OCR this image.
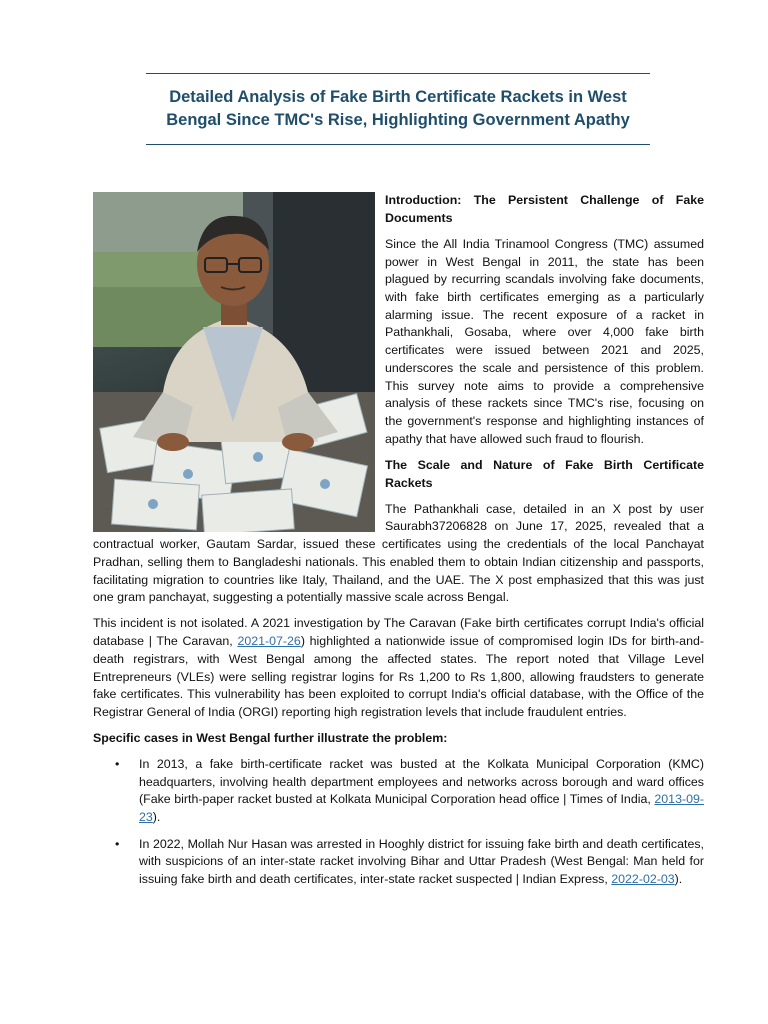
Detailed Analysis of Fake Birth Certificate Rackets in West Bengal Since TMC's Rise, Highlighting Government Apathy

Introduction: The Persistent Challenge of Fake Documents

Since the All India Trinamool Congress (TMC) assumed power in West Bengal in 2011, the state has been plagued by recurring scandals involving fake documents, with fake birth certificates emerging as a particularly alarming issue. The recent exposure of a racket in Pathankhali, Gosaba, where over 4,000 fake birth certificates were issued between 2021 and 2025, underscores the scale and persistence of this problem. This survey note aims to provide a comprehensive analysis of these rackets since TMC's rise, focusing on the government's response and highlighting instances of apathy that have allowed such fraud to flourish.

The Scale and Nature of Fake Birth Certificate Rackets

The Pathankhali case, detailed in an X post by user Saurabh37206828 on June 17, 2025, revealed that a contractual worker, Gautam Sardar, issued these certificates using the credentials of the local Panchayat Pradhan, selling them to Bangladeshi nationals. This enabled them to obtain Indian citizenship and passports, facilitating migration to countries like Italy, Thailand, and the UAE. The X post emphasized that this was just one gram panchayat, suggesting a potentially massive scale across Bengal.

This incident is not isolated. A 2021 investigation by The Caravan (Fake birth certificates corrupt India's official database | The Caravan, 2021-07-26) highlighted a nationwide issue of compromised login IDs for birth-and-death registrars, with West Bengal among the affected states. The report noted that Village Level Entrepreneurs (VLEs) were selling registrar logins for Rs 1,200 to Rs 1,800, allowing fraudsters to generate fake certificates. This vulnerability has been exploited to corrupt India's official database, with the Office of the Registrar General of India (ORGI) reporting high registration levels that include fraudulent entries.

Specific cases in West Bengal further illustrate the problem:

• In 2013, a fake birth-certificate racket was busted at the Kolkata Municipal Corporation (KMC) headquarters, involving health department employees and networks across borough and ward offices (Fake birth-paper racket busted at Kolkata Municipal Corporation head office | Times of India, 2013-09-23).
• In 2022, Mollah Nur Hasan was arrested in Hooghly district for issuing fake birth and death certificates, with suspicions of an inter-state racket involving Bihar and Uttar Pradesh (West Bengal: Man held for issuing fake birth and death certificates, inter-state racket suspected | Indian Express, 2022-02-03).
